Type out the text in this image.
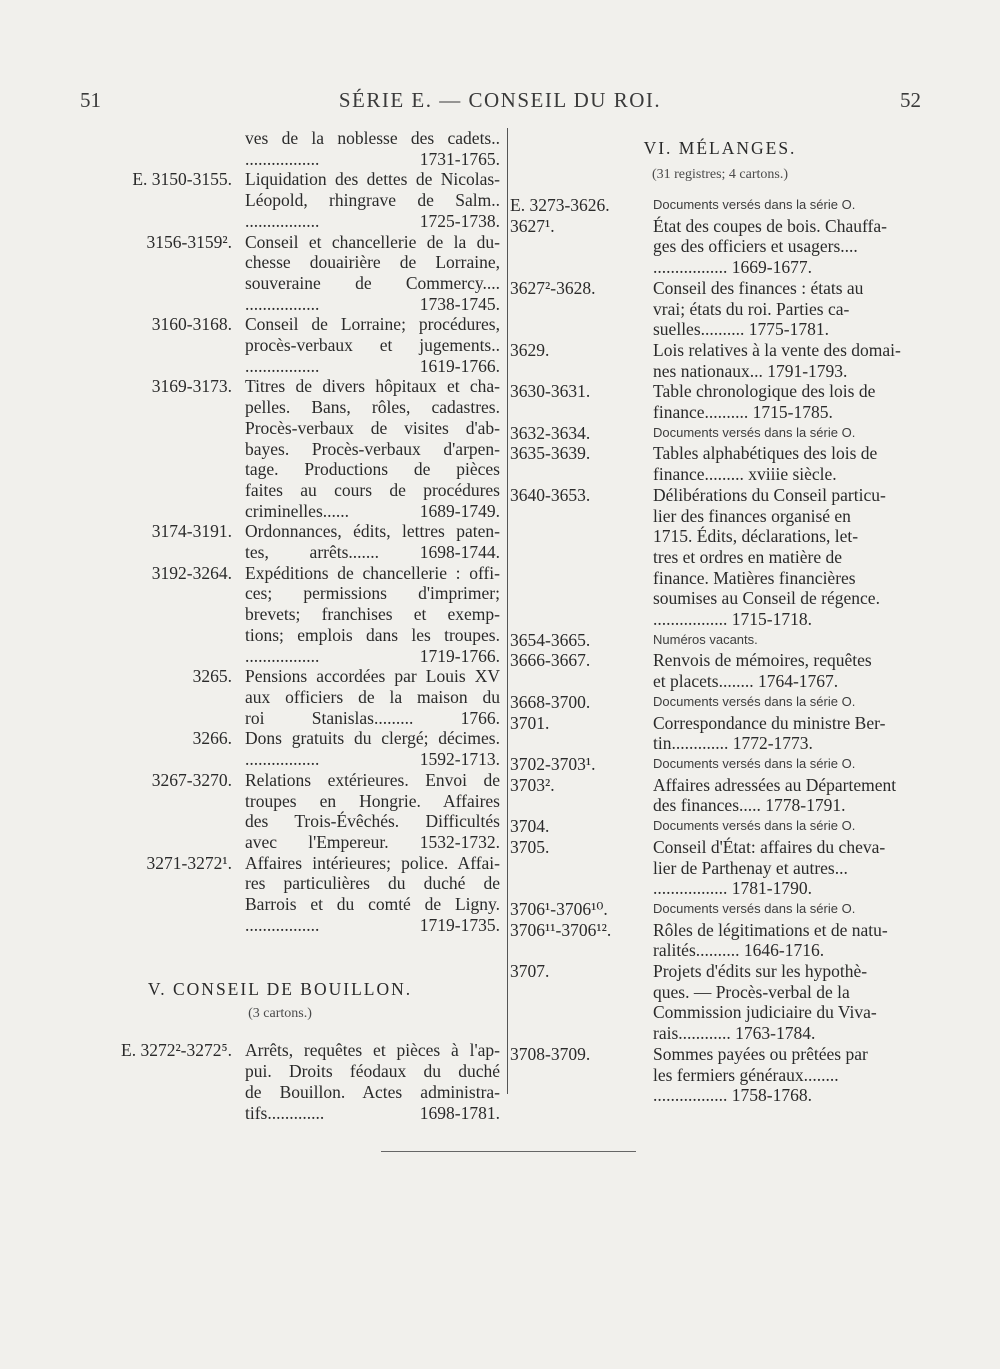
51	SÉRIE E. — CONSEIL DU ROI.	52
ves de la noblesse des cadets..
................. 1731-1765.
E. 3150-3155. Liquidation des dettes de Nicolas-
Léopold, rhingrave de Salm..
................. 1725-1738.
3156-3159². Conseil et chancellerie de la du-
chesse douairière de Lorraine,
souveraine de Commercy....
................. 1738-1745.
3160-3168. Conseil de Lorraine; procédures,
procès-verbaux et jugements..
................. 1619-1766.
3169-3173. Titres de divers hôpitaux et cha-
pelles. Bans, rôles, cadastres.
Procès-verbaux de visites d'ab-
bayes. Procès-verbaux d'arpen-
tage. Productions de pièces
faites au cours de procédures
criminelles...... 1689-1749.
3174-3191. Ordonnances, édits, lettres paten-
tes, arrêts....... 1698-1744.
3192-3264. Expéditions de chancellerie : offi-
ces; permissions d'imprimer;
brevets; franchises et exemp-
tions; emplois dans les troupes.
................. 1719-1766.
3265. Pensions accordées par Louis XV
aux officiers de la maison du
roi Stanislas......... 1766.
3266. Dons gratuits du clergé; décimes.
................. 1592-1713.
3267-3270. Relations extérieures. Envoi de
troupes en Hongrie. Affaires
des Trois-Évêchés. Difficultés
avec l'Empereur. 1532-1732.
3271-3272¹. Affaires intérieures; police. Affai-
res particulières du duché de
Barrois et du comté de Ligny.
................. 1719-1735.
V. CONSEIL DE BOUILLON.
(3 cartons.)
E. 3272²-3272⁵. Arrêts, requêtes et pièces à l'ap-
pui. Droits féodaux du duché
de Bouillon. Actes administra-
tifs............. 1698-1781.
VI. MÉLANGES.
(31 registres; 4 cartons.)
E. 3273-3626.	Documents versés dans la série O.
3627¹.	État des coupes de bois. Chauffa-
ges des officiers et usagers....
................. 1669-1677.
3627²-3628.	Conseil des finances : états au
vrai; états du roi. Parties ca-
suelles.......... 1775-1781.
3629.	Lois relatives à la vente des domai-
nes nationaux... 1791-1793.
3630-3631.	Table chronologique des lois de
finance.......... 1715-1785.
3632-3634.	Documents versés dans la série O.
3635-3639.	Tables alphabétiques des lois de
finance......... xviiie siècle.
3640-3653.	Délibérations du Conseil particu-
lier des finances organisé en
1715. Édits, déclarations, let-
tres et ordres en matière de
finance. Matières financières
soumises au Conseil de régence.
................. 1715-1718.
3654-3665.	Numéros vacants.
3666-3667.	Renvois de mémoires, requêtes
et placets........ 1764-1767.
3668-3700.	Documents versés dans la série O.
3701.	Correspondance du ministre Ber-
tin............. 1772-1773.
3702-3703¹.	Documents versés dans la série O.
3703².	Affaires adressées au Département
des finances..... 1778-1791.
3704.	Documents versés dans la série O.
3705.	Conseil d'État: affaires du cheva-
lier de Parthenay et autres...
................. 1781-1790.
3706¹-3706¹⁰.	Documents versés dans la série O.
3706¹¹-3706¹². Rôles de légitimations et de natu-
ralités.......... 1646-1716.
3707.	Projets d'édits sur les hypothè-
ques. — Procès-verbal de la
Commission judiciaire du Viva-
rais............ 1763-1784.
3708-3709.	Sommes payées ou prêtées par
les fermiers généraux........
................. 1758-1768.
